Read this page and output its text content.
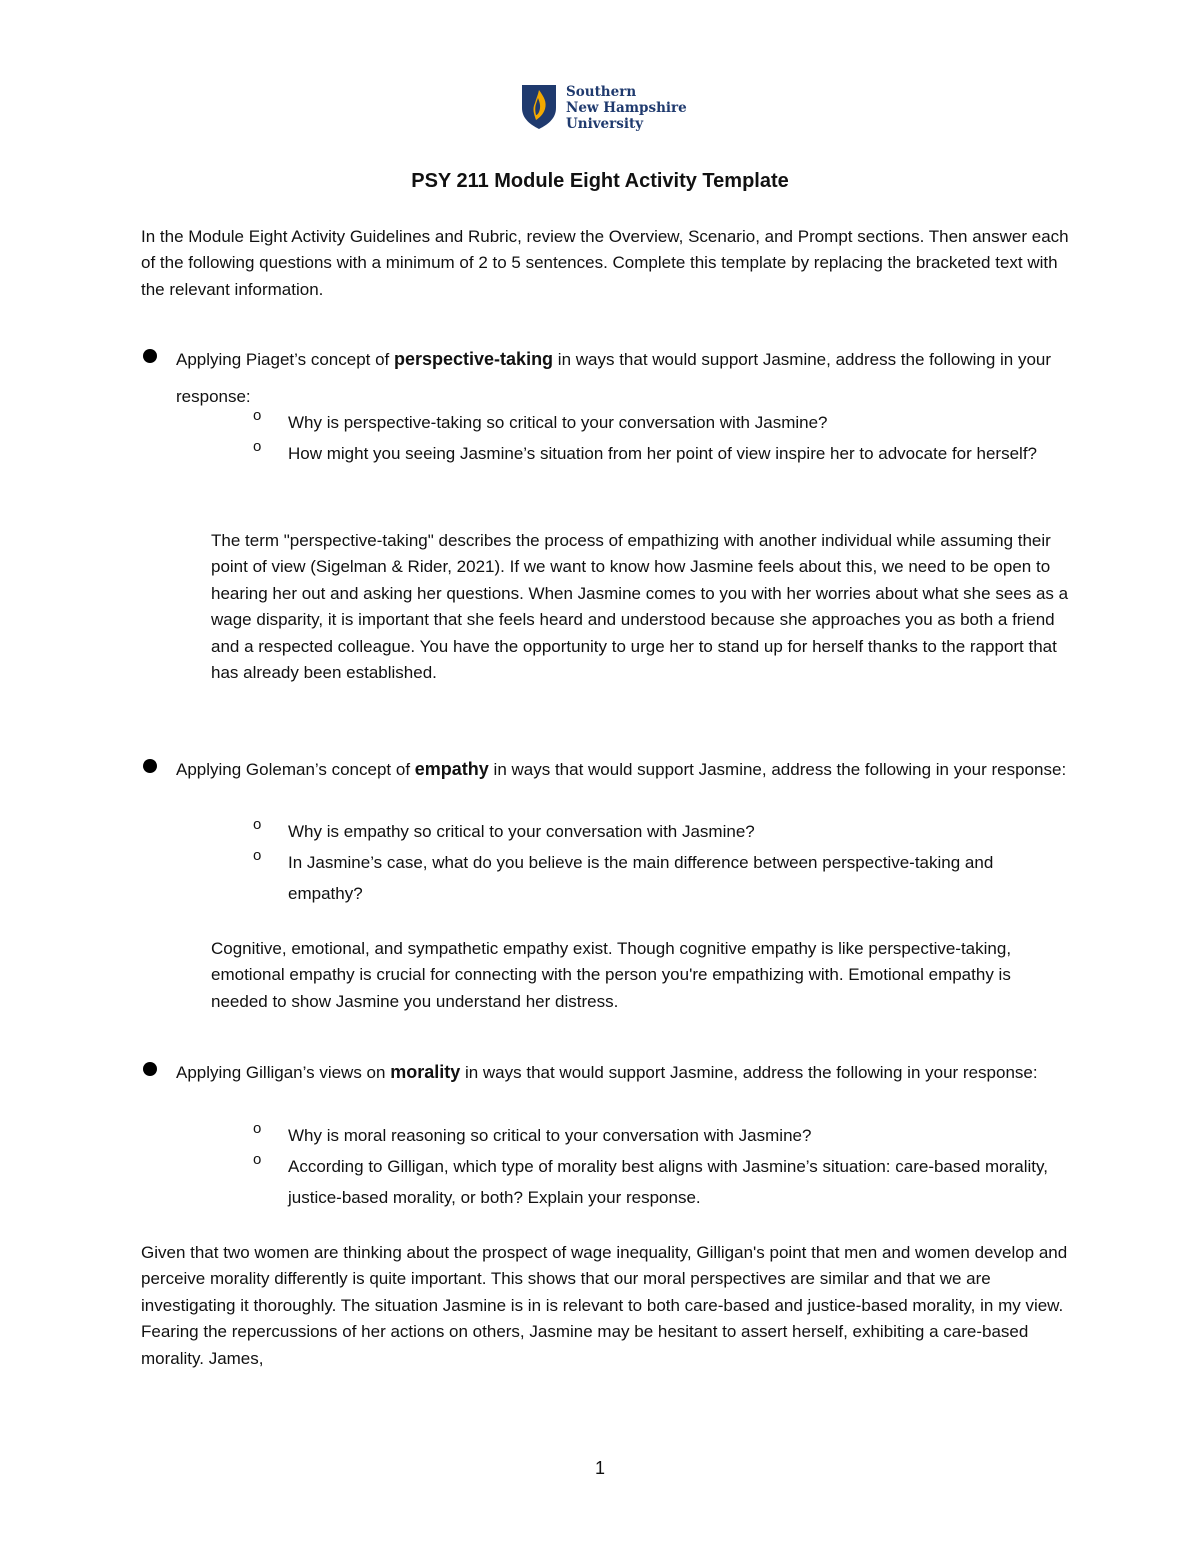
Southern
New Hampshire
University
PSY 211 Module Eight Activity Template

In the Module Eight Activity Guidelines and Rubric, review the Overview, Scenario, and Prompt sections. Then answer each of the following questions with a minimum of 2 to 5 sentences. Complete this template by replacing the bracketed text with the relevant information.

Applying Piaget’s concept of perspective-taking in ways that would support Jasmine, address the following in your response:
o Why is perspective-taking so critical to your conversation with Jasmine?
o How might you seeing Jasmine’s situation from her point of view inspire her to advocate for herself?

The term "perspective-taking" describes the process of empathizing with another individual while assuming their point of view (Sigelman & Rider, 2021). If we want to know how Jasmine feels about this, we need to be open to hearing her out and asking her questions. When Jasmine comes to you with her worries about what she sees as a wage disparity, it is important that she feels heard and understood because she approaches you as both a friend and a respected colleague. You have the opportunity to urge her to stand up for herself thanks to the rapport that has already been established.

Applying Goleman’s concept of empathy in ways that would support Jasmine, address the following in your response:
o Why is empathy so critical to your conversation with Jasmine?
o In Jasmine’s case, what do you believe is the main difference between perspective-taking and empathy?

Cognitive, emotional, and sympathetic empathy exist. Though cognitive empathy is like perspective-taking, emotional empathy is crucial for connecting with the person you're empathizing with. Emotional empathy is needed to show Jasmine you understand her distress.

Applying Gilligan’s views on morality in ways that would support Jasmine, address the following in your response:
o Why is moral reasoning so critical to your conversation with Jasmine?
o According to Gilligan, which type of morality best aligns with Jasmine’s situation: care-based morality, justice-based morality, or both? Explain your response.

Given that two women are thinking about the prospect of wage inequality, Gilligan's point that men and women develop and perceive morality differently is quite important. This shows that our moral perspectives are similar and that we are investigating it thoroughly. The situation Jasmine is in is relevant to both care-based and justice-based morality, in my view. Fearing the repercussions of her actions on others, Jasmine may be hesitant to assert herself, exhibiting a care-based morality. James,

1
